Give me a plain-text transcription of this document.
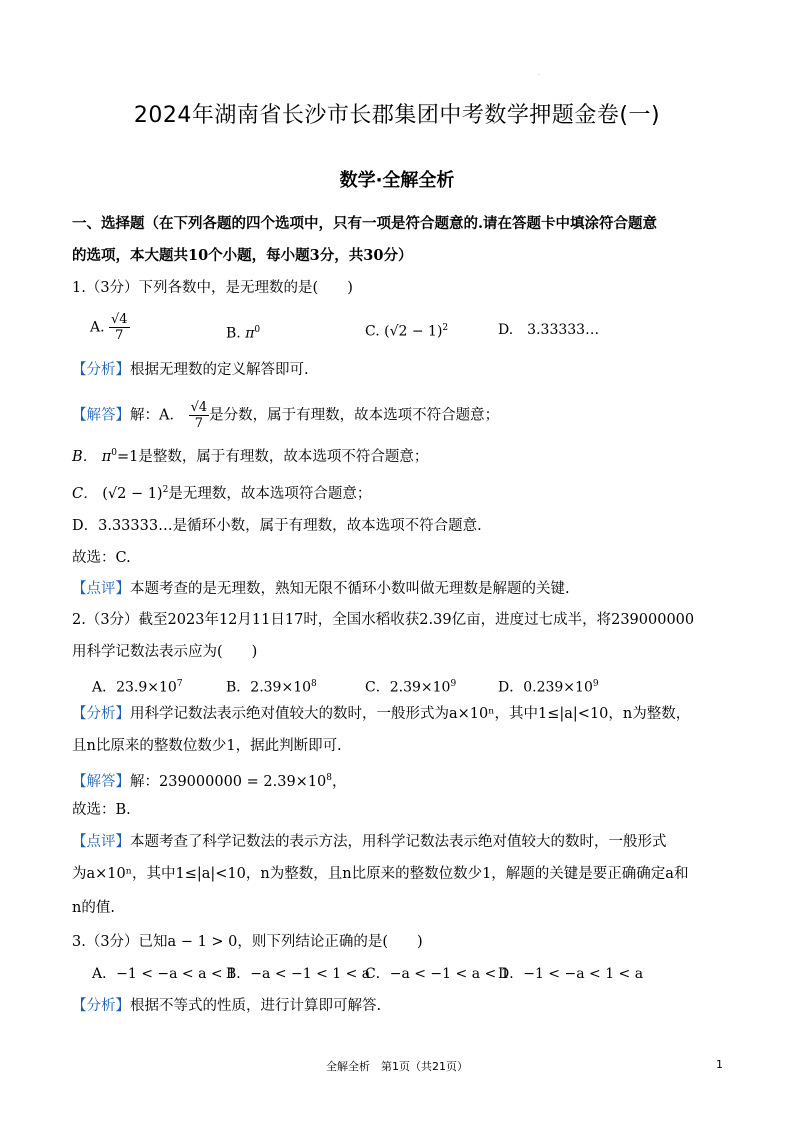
·
2024年湖南省长沙市长郡集团中考数学押题金卷(一)
数学·全解全析
一、选择题（在下列各题的四个选项中，只有一项是符合题意的.请在答题卡中填涂符合题意
的选项，本大题共10个小题，每小题3分，共30分）
1.（3分）下列各数中，是无理数的是(　　)
A. $\frac{√4}{7}$	B. $\pi^0$	C. $(√2 - 1)^2$	D.　3.33333…
【分析】根据无理数的定义解答即可.
【解答】解：A． $\frac{√4}{7}$ 是分数，属于有理数，故本选项不符合题意；
B． $\pi^0=1$是整数，属于有理数，故本选项不符合题意；
C． $(√2 - 1)^2$是无理数，故本选项符合题意；
D．3.33333…是循环小数，属于有理数，故本选项不符合题意.
故选：C.
【点评】本题考查的是无理数，熟知无限不循环小数叫做无理数是解题的关键.
2.（3分）截至2023年12月11日17时，全国水稻收获2.39亿亩，进度过七成半，将239000000
用科学记数法表示应为(　　)
A．$23.9\times 10^7$	B．$2.39\times 10^8$	C．$2.39\times 10^9$	D．$0.239\times 10^9$
【分析】用科学记数法表示绝对值较大的数时，一般形式为a×10ⁿ，其中1≤|a|<10，n为整数，
且n比原来的整数位数少1，据此判断即可.
【解答】解：$239000000 = 2.39\times 10^8$，
故选：B.
【点评】本题考查了科学记数法的表示方法，用科学记数法表示绝对值较大的数时，一般形式
为a×10ⁿ，其中1≤|a|<10，n为整数，且n比原来的整数位数少1，解题的关键是要正确确定a和
n的值.
3.（3分）已知a − 1 > 0，则下列结论正确的是(　　)
A．−1 < −a < a < 1
B．−a < −1 < 1 < a
C．−a < −1 < a < 1
D．−1 < −a < 1 < a
【分析】根据不等式的性质，进行计算即可解答.
全解全析　第1页（共21页）	1
